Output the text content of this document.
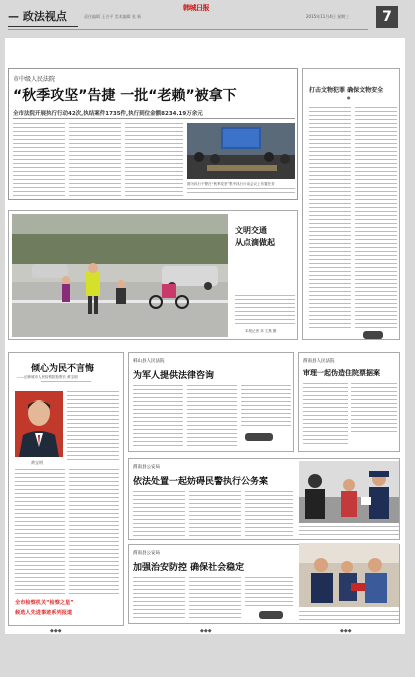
— 政法视点	责任编辑 王吉平 美术编辑 张 新
韩城日报
2015年11月4日 星期三	7
市中级人民法院
“秋季攻坚”告捷 一批“老赖”被拿下
全市法院开展执行行动42次,执结案件1735件,执行到位金额8234.19万余元
图为执行干警在“秋季攻坚”集中执行行动会议上布置任务
打击文物犯罪 确保文物安全
●
文明交通
从点滴做起
本报记者 邓 王燕 摄
倾心为民不言悔
——记韩城市人民检察院检察长 黄宝明
黄宝明
全市检察机关“检察之星”
候选人先进事迹系列报道
韩山县人民法院
为军人提供法律咨询
渭南县人民法院
审理一起伪造住院票据案
渭南县公安局
依法处置一起妨碍民警执行公务案
渭南县公安局
加强治安防控 确保社会稳定
◆◆◆	◆◆◆	◆◆◆
